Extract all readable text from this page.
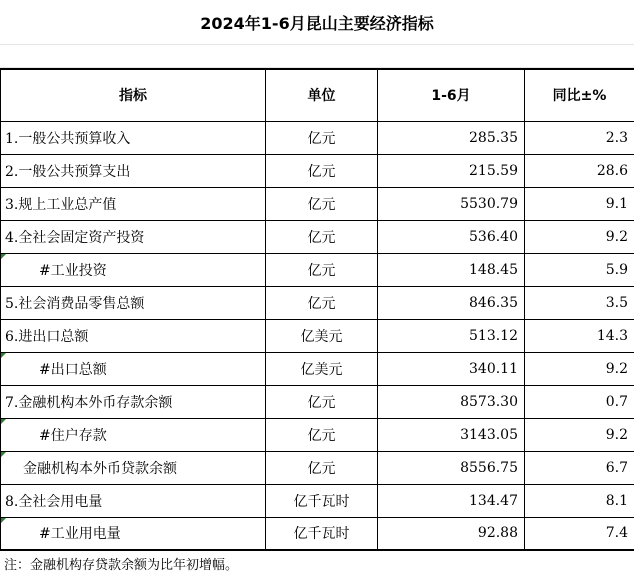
2024年1-6月昆山主要经济指标
指标	单位	1-6月	同比±%
1.一般公共预算收入	亿元	285.35	2.3
2.一般公共预算支出	亿元	215.59	28.6
3.规上工业总产值	亿元	5530.79	9.1
4.全社会固定资产投资	亿元	536.40	9.2
#工业投资	亿元	148.45	5.9
5.社会消费品零售总额	亿元	846.35	3.5
6.进出口总额	亿美元	513.12	14.3
#出口总额	亿美元	340.11	9.2
7.金融机构本外币存款余额	亿元	8573.30	0.7
#住户存款	亿元	3143.05	9.2
金融机构本外币贷款余额	亿元	8556.75	6.7
8.全社会用电量	亿千瓦时	134.47	8.1
#工业用电量	亿千瓦时	92.88	7.4
注：金融机构存贷款余额为比年初增幅。
